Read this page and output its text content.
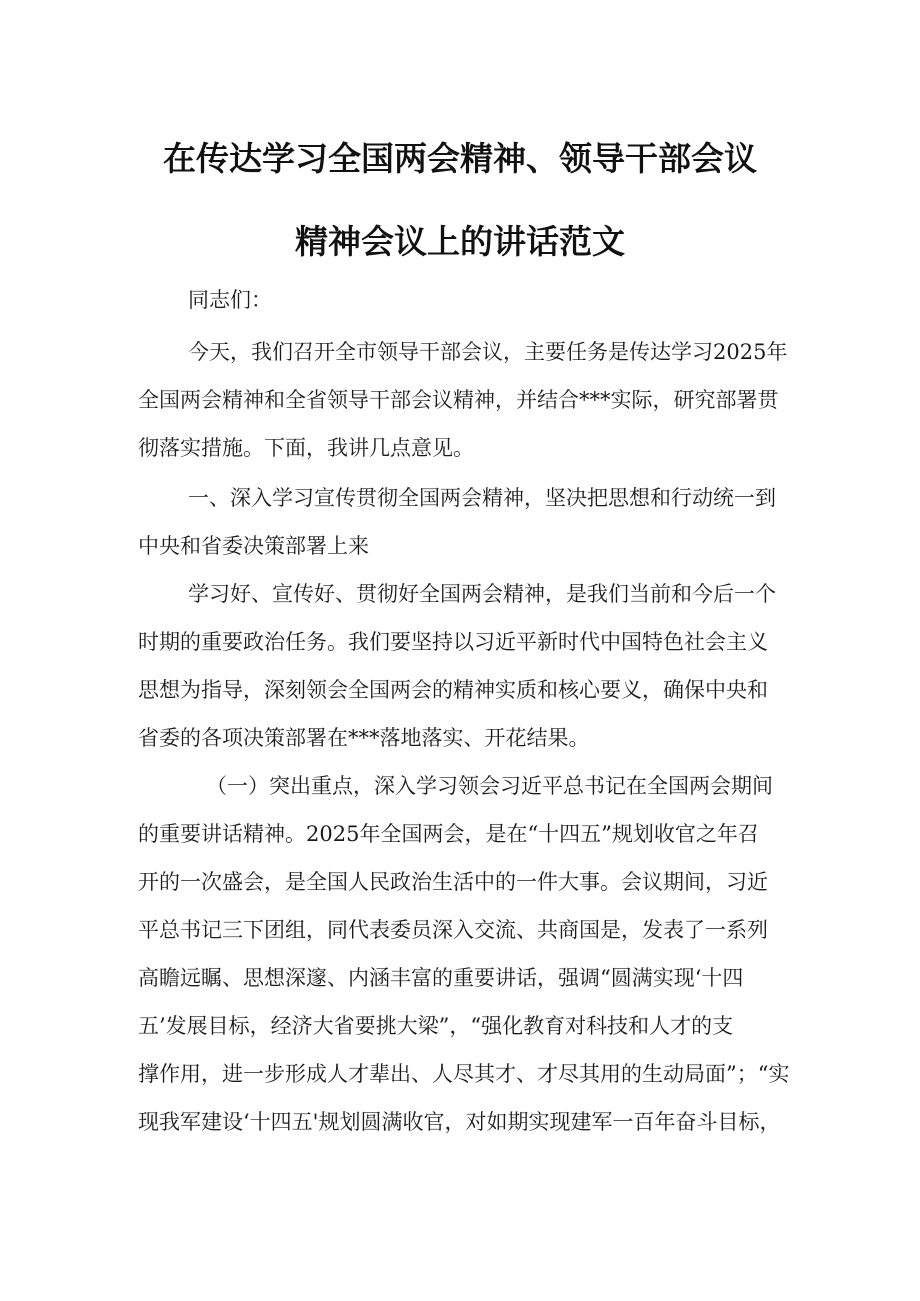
在传达学习全国两会精神、领导干部会议
精神会议上的讲话范文

同志们：

今天，我们召开全市领导干部会议，主要任务是传达学习2025年

全国两会精神和全省领导干部会议精神，并结合***实际，研究部署贯

彻落实措施。下面，我讲几点意见。

一、深入学习宣传贯彻全国两会精神，坚决把思想和行动统一到

中央和省委决策部署上来

学习好、宣传好、贯彻好全国两会精神，是我们当前和今后一个

时期的重要政治任务。我们要坚持以习近平新时代中国特色社会主义

思想为指导，深刻领会全国两会的精神实质和核心要义，确保中央和

省委的各项决策部署在***落地落实、开花结果。

（一）突出重点，深入学习领会习近平总书记在全国两会期间

的重要讲话精神。2025年全国两会，是在“十四五”规划收官之年召

开的一次盛会，是全国人民政治生活中的一件大事。会议期间，习近

平总书记三下团组，同代表委员深入交流、共商国是，发表了一系列

高瞻远瞩、思想深邃、内涵丰富的重要讲话，强调“圆满实现‘十四

五’发展目标，经济大省要挑大梁”，“强化教育对科技和人才的支

撑作用，进一步形成人才辈出、人尽其才、才尽其用的生动局面”；“实

现我军建设‘十四五'规划圆满收官，对如期实现建军一百年奋斗目标，
